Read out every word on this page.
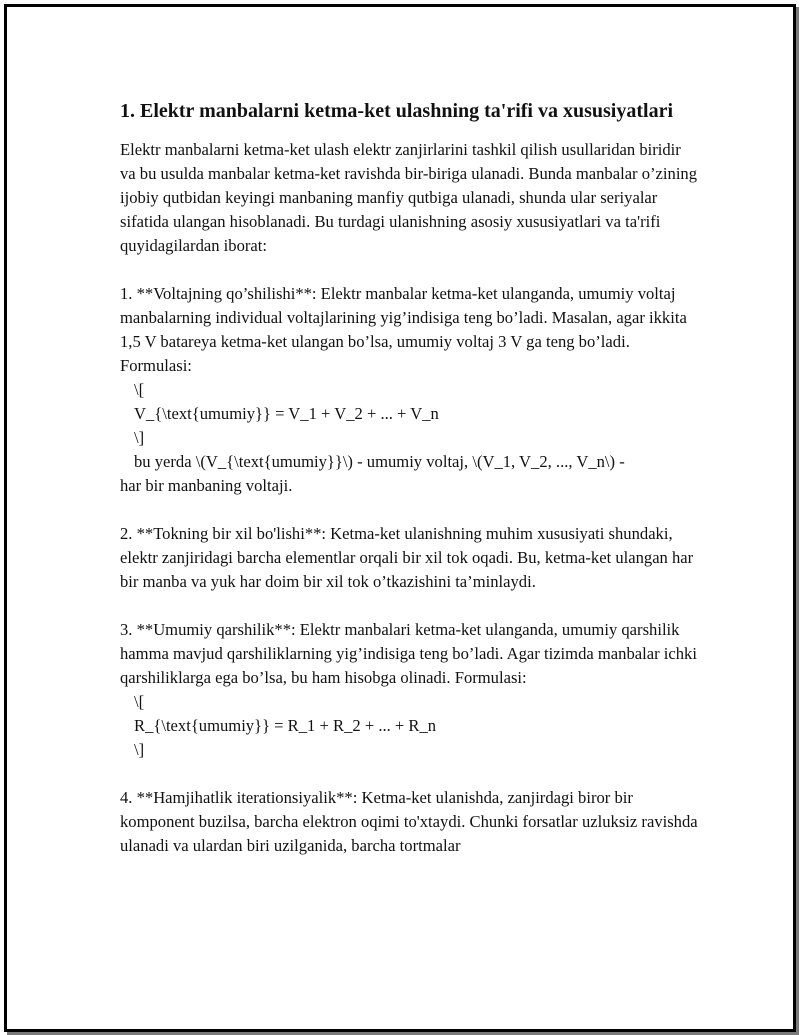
1. Elektr manbalarni ketma-ket ulashning ta'rifi va xususiyatlari

Elektr manbalarni ketma-ket ulash elektr zanjirlarini tashkil qilish usullaridan biridir va bu usulda manbalar ketma-ket ravishda bir-biriga ulanadi. Bunda manbalar o’zining ijobiy qutbidan keyingi manbaning manfiy qutbiga ulanadi, shunda ular seriyalar sifatida ulangan hisoblanadi. Bu turdagi ulanishning asosiy xususiyatlari va ta'rifi quyidagilardan iborat:

1. **Voltajning qo’shilishi**: Elektr manbalar ketma-ket ulanganda, umumiy voltaj manbalarning individual voltajlarining yig’indisiga teng bo’ladi. Masalan, agar ikkita 1,5 V batareya ketma-ket ulangan bo’lsa, umumiy voltaj 3 V ga teng bo’ladi. Formulasi:

\[
V_{\text{umumiy}} = V_1 + V_2 + ... + V_n
\]
bu yerda \(V_{\text{umumiy}}\) - umumiy voltaj, \(V_1, V_2, ..., V_n\) -

har bir manbaning voltaji.

2. **Tokning bir xil bo'lishi**: Ketma-ket ulanishning muhim xususiyati shundaki, elektr zanjiridagi barcha elementlar orqali bir xil tok oqadi. Bu, ketma-ket ulangan har bir manba va yuk har doim bir xil tok o’tkazishini ta’minlaydi.

3. **Umumiy qarshilik**: Elektr manbalari ketma-ket ulanganda, umumiy qarshilik hamma mavjud qarshiliklarning yig’indisiga teng bo’ladi. Agar tizimda manbalar ichki qarshiliklarga ega bo’lsa, bu ham hisobga olinadi. Formulasi:

\[
R_{\text{umumiy}} = R_1 + R_2 + ... + R_n
\]

4. **Hamjihatlik iterationsiyalik**: Ketma-ket ulanishda, zanjirdagi biror bir komponent buzilsa, barcha elektron oqimi to'xtaydi. Chunki forsatlar uzluksiz ravishda ulanadi va ulardan biri uzilganida, barcha tortmalar
